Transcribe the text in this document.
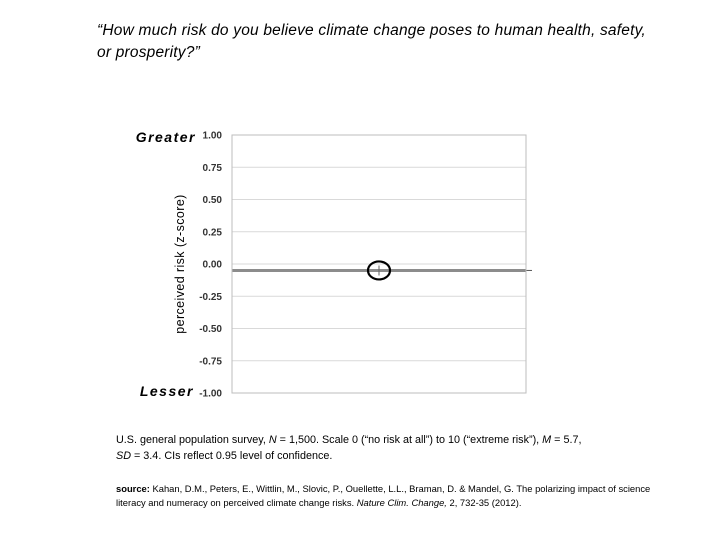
“How much risk do you believe climate change poses to human health, safety, or prosperity?”
1.00
0.75
0.50
0.25
0.00
-0.25
-0.50
-0.75
-1.00
perceived risk (z-score)
Greater
Lesser
U.S. general population survey, N = 1,500. Scale 0 (“no risk at all”) to 10 (“extreme risk”), M = 5.7,
SD = 3.4. CIs reflect 0.95 level of confidence.
source: Kahan, D.M., Peters, E., Wittlin, M., Slovic, P., Ouellette, L.L., Braman, D. & Mandel, G. The polarizing impact of science literacy and numeracy on perceived climate change risks. Nature Clim. Change, 2, 732-35 (2012).
